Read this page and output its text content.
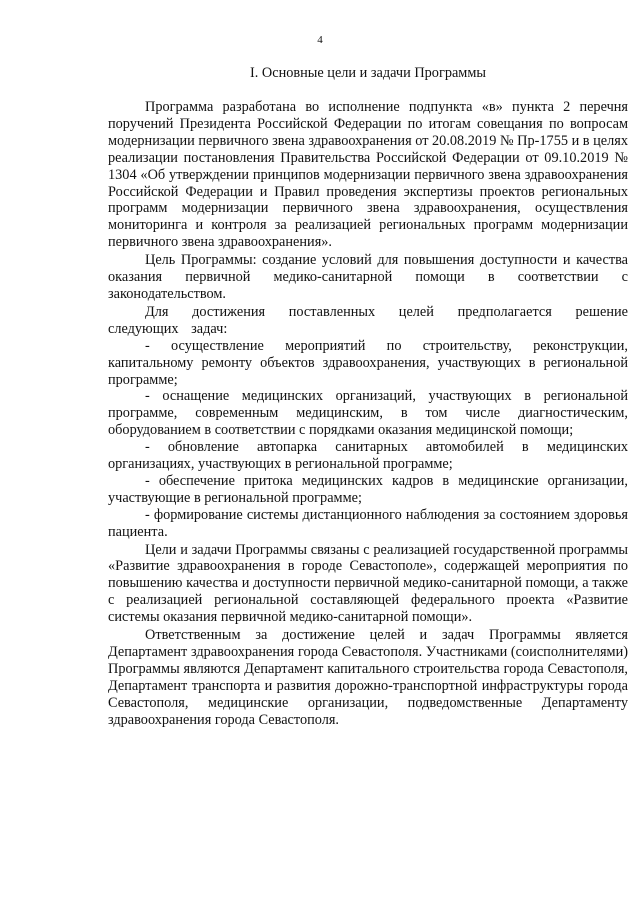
4
I. Основные цели и задачи Программы

Программа разработана во исполнение подпункта «в» пункта 2 перечня поручений Президента Российской Федерации по итогам совещания по вопросам модернизации первичного звена здравоохранения от 20.08.2019 № Пр-1755 и в целях реализации постановления Правительства Российской Федерации от 09.10.2019 № 1304 «Об утверждении принципов модернизации первичного звена здравоохранения Российской Федерации и Правил проведения экспертизы проектов региональных программ модернизации первичного звена здравоохранения, осуществления мониторинга и контроля за реализацией региональных программ модернизации первичного звена здравоохранения».

Цель Программы: создание условий для повышения доступности и качества оказания первичной медико-санитарной помощи в соответствии с законодательством.

Для достижения поставленных целей предполагается решение следующих задач:

- осуществление мероприятий по строительству, реконструкции, капитальному ремонту объектов здравоохранения, участвующих в региональной программе;

- оснащение медицинских организаций, участвующих в региональной программе, современным медицинским, в том числе диагностическим, оборудованием в соответствии с порядками оказания медицинской помощи;

- обновление автопарка санитарных автомобилей в медицинских организациях, участвующих в региональной программе;

- обеспечение притока медицинских кадров в медицинские организации, участвующие в региональной программе;

- формирование системы дистанционного наблюдения за состоянием здоровья пациента.

Цели и задачи Программы связаны с реализацией государственной программы «Развитие здравоохранения в городе Севастополе», содержащей мероприятия по повышению качества и доступности первичной медико-санитарной помощи, а также с реализацией региональной составляющей федерального проекта «Развитие системы оказания первичной медико-санитарной помощи».

Ответственным за достижение целей и задач Программы является Департамент здравоохранения города Севастополя. Участниками (соисполнителями) Программы являются Департамент капитального строительства города Севастополя, Департамент транспорта и развития дорожно-транспортной инфраструктуры города Севастополя, медицинские организации, подведомственные Департаменту здравоохранения города Севастополя.
